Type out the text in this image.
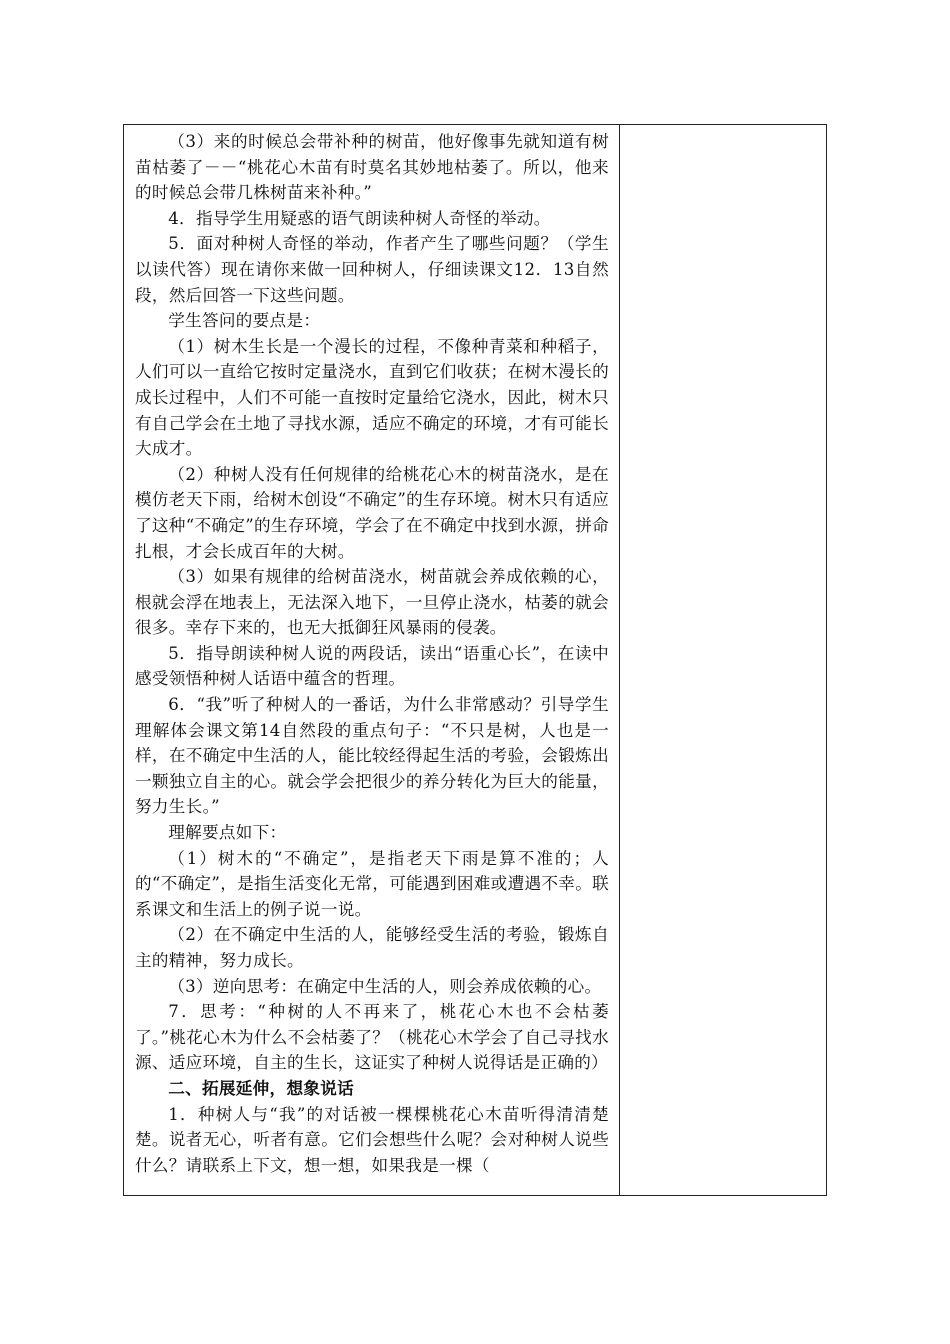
（3）来的时候总会带补种的树苗，他好像事先就知道有树苗枯萎了－－“桃花心木苗有时莫名其妙地枯萎了。所以，他来的时候总会带几株树苗来补种。”

4．指导学生用疑惑的语气朗读种树人奇怪的举动。

5．面对种树人奇怪的举动，作者产生了哪些问题？（学生以读代答）现在请你来做一回种树人，仔细读课文12．13自然段，然后回答一下这些问题。

学生答问的要点是：

（1）树木生长是一个漫长的过程，不像种青菜和种稻子，人们可以一直给它按时定量浇水，直到它们收获；在树木漫长的成长过程中，人们不可能一直按时定量给它浇水，因此，树木只有自己学会在土地了寻找水源，适应不确定的环境，才有可能长大成才。

（2）种树人没有任何规律的给桃花心木的树苗浇水，是在模仿老天下雨，给树木创设“不确定”的生存环境。树木只有适应了这种“不确定”的生存环境，学会了在不确定中找到水源，拼命扎根，才会长成百年的大树。

（3）如果有规律的给树苗浇水，树苗就会养成依赖的心，根就会浮在地表上，无法深入地下，一旦停止浇水，枯萎的就会很多。幸存下来的，也无大抵御狂风暴雨的侵袭。

5．指导朗读种树人说的两段话，读出“语重心长”，在读中感受领悟种树人话语中蕴含的哲理。

6．“我”听了种树人的一番话，为什么非常感动？引导学生理解体会课文第14自然段的重点句子：“不只是树，人也是一样，在不确定中生活的人，能比较经得起生活的考验，会锻炼出一颗独立自主的心。就会学会把很少的养分转化为巨大的能量，努力生长。”

理解要点如下：

（1）树木的“不确定”，是指老天下雨是算不准的；人的“不确定”，是指生活变化无常，可能遇到困难或遭遇不幸。联系课文和生活上的例子说一说。

（2）在不确定中生活的人，能够经受生活的考验，锻炼自主的精神，努力成长。

（3）逆向思考：在确定中生活的人，则会养成依赖的心。

7．思考：“种树的人不再来了，桃花心木也不会枯萎了。”桃花心木为什么不会枯萎了？（桃花心木学会了自己寻找水源、适应环境，自主的生长，这证实了种树人说得话是正确的）

二、拓展延伸，想象说话

1．种树人与“我”的对话被一棵棵桃花心木苗听得清清楚楚。说者无心，听者有意。它们会想些什么呢？会对种树人说些什么？请联系上下文，想一想，如果我是一棵（
